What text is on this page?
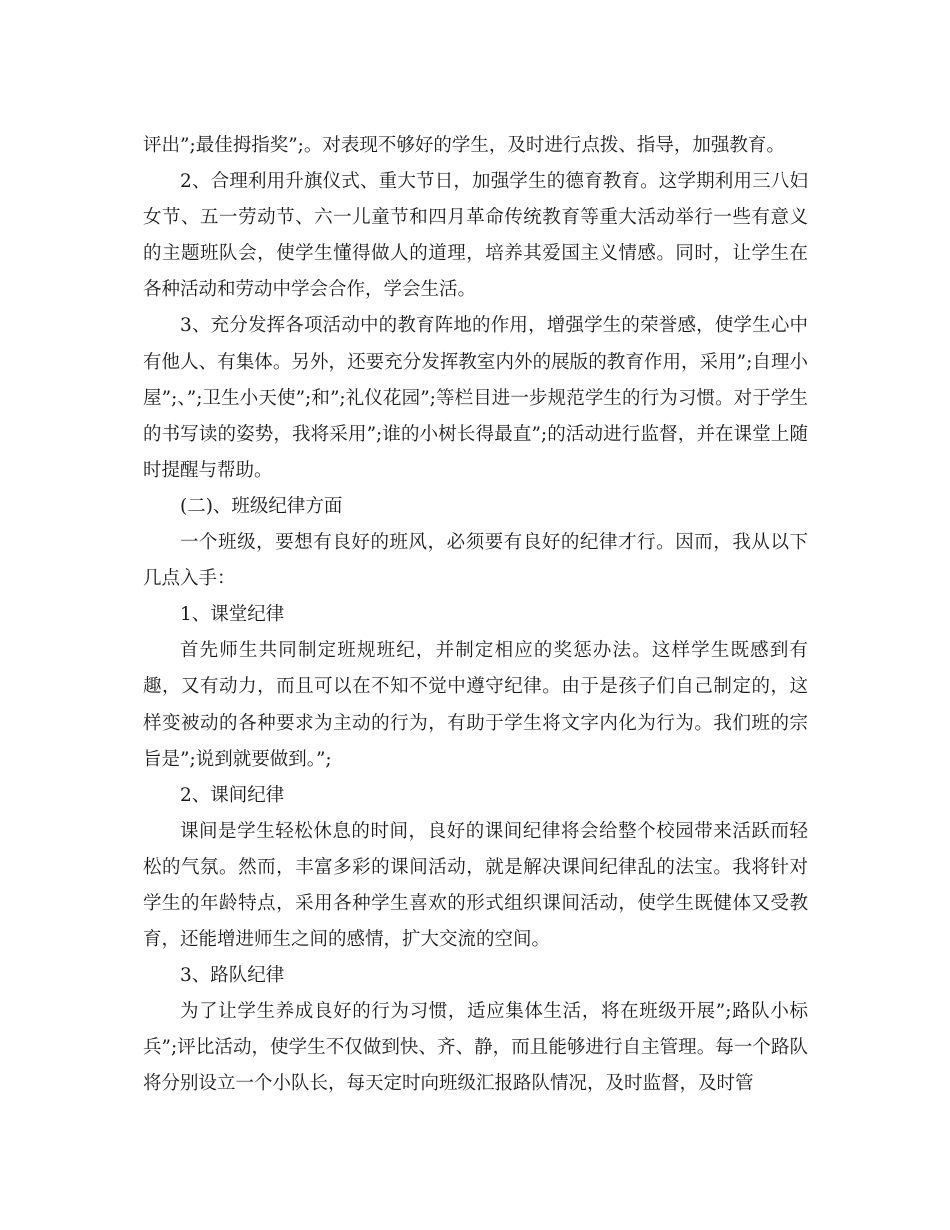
评出”;最佳拇指奖”;。对表现不够好的学生，及时进行点拨、指导，加强教育。

2、合理利用升旗仪式、重大节日，加强学生的德育教育。这学期利用三八妇女节、五一劳动节、六一儿童节和四月革命传统教育等重大活动举行一些有意义的主题班队会，使学生懂得做人的道理，培养其爱国主义情感。同时，让学生在各种活动和劳动中学会合作，学会生活。

3、充分发挥各项活动中的教育阵地的作用，增强学生的荣誉感，使学生心中有他人、有集体。另外，还要充分发挥教室内外的展版的教育作用，采用”;自理小屋”;、”;卫生小天使”;和”;礼仪花园”;等栏目进一步规范学生的行为习惯。对于学生的书写读的姿势，我将采用”;谁的小树长得最直”;的活动进行监督，并在课堂上随时提醒与帮助。

(二)、班级纪律方面

一个班级，要想有良好的班风，必须要有良好的纪律才行。因而，我从以下几点入手：

1、课堂纪律

首先师生共同制定班规班纪，并制定相应的奖惩办法。这样学生既感到有趣，又有动力，而且可以在不知不觉中遵守纪律。由于是孩子们自己制定的，这样变被动的各种要求为主动的行为，有助于学生将文字内化为行为。我们班的宗旨是”;说到就要做到。”;

2、课间纪律

课间是学生轻松休息的时间，良好的课间纪律将会给整个校园带来活跃而轻松的气氛。然而，丰富多彩的课间活动，就是解决课间纪律乱的法宝。我将针对学生的年龄特点，采用各种学生喜欢的形式组织课间活动，使学生既健体又受教育，还能增进师生之间的感情，扩大交流的空间。

3、路队纪律

为了让学生养成良好的行为习惯，适应集体生活，将在班级开展”;路队小标兵”;评比活动，使学生不仅做到快、齐、静，而且能够进行自主管理。每一个路队将分别设立一个小队长，每天定时向班级汇报路队情况，及时监督，及时管
